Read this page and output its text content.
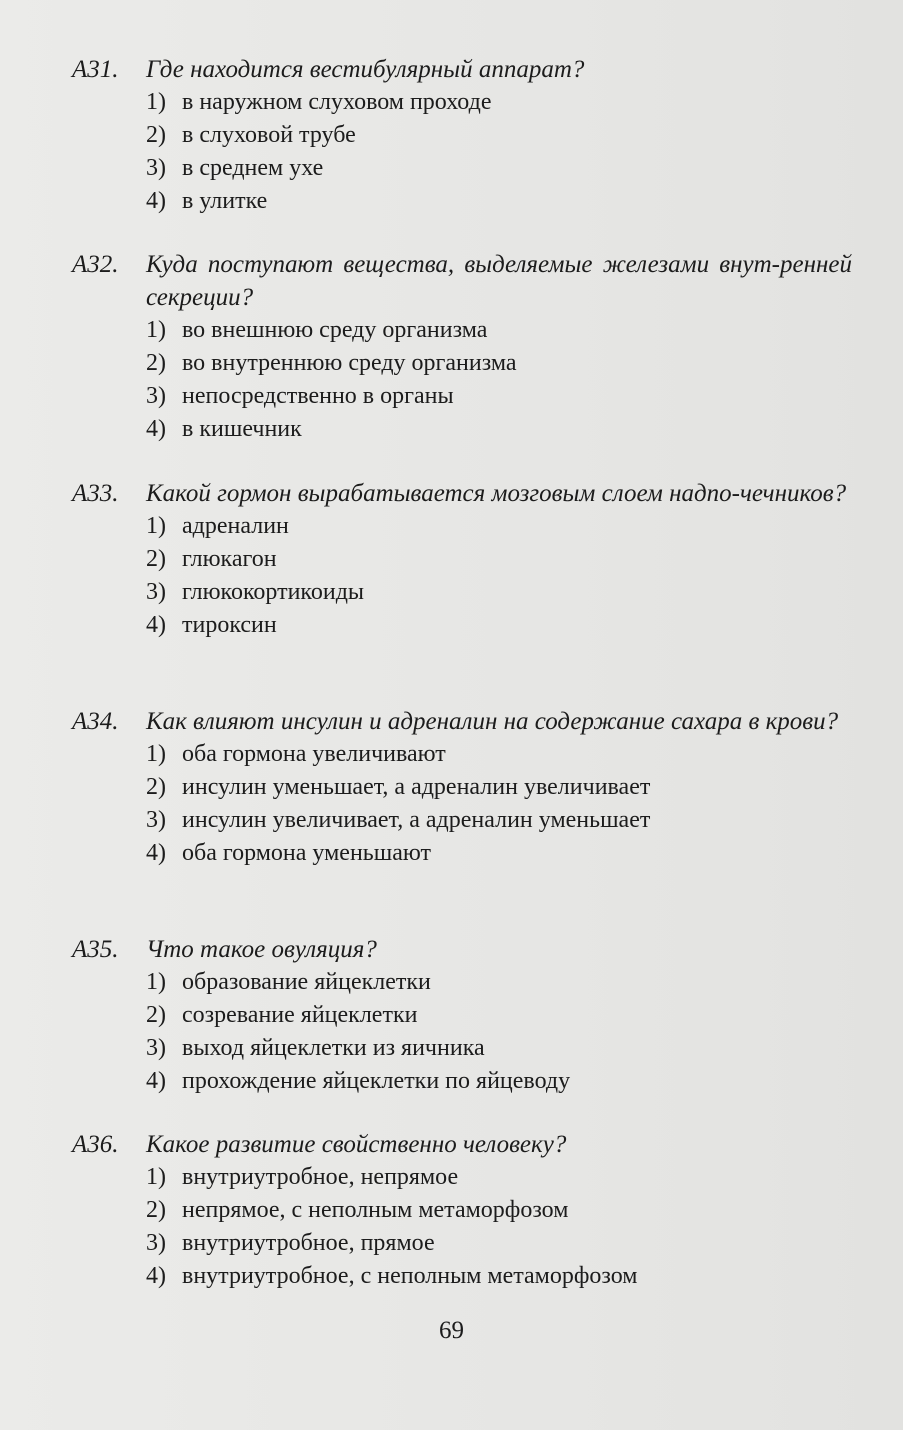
A31.	Где находится вестибулярный аппарат?
1) в наружном слуховом проходе
2) в слуховой трубе
3) в среднем ухе
4) в улитке
A32.	Куда поступают вещества, выделяемые железами внут-ренней секреции?
1) во внешнюю среду организма
2) во внутреннюю среду организма
3) непосредственно в органы
4) в кишечник
A33.	Какой гормон вырабатывается мозговым слоем надпо-чечников?
1) адреналин
2) глюкагон
3) глюкокортикоиды
4) тироксин
A34.	Как влияют инсулин и адреналин на содержание сахара в крови?
1) оба гормона увеличивают
2) инсулин уменьшает, а адреналин увеличивает
3) инсулин увеличивает, а адреналин уменьшает
4) оба гормона уменьшают
A35.	Что такое овуляция?
1) образование яйцеклетки
2) созревание яйцеклетки
3) выход яйцеклетки из яичника
4) прохождение яйцеклетки по яйцеводу
A36.	Какое развитие свойственно человеку?
1) внутриутробное, непрямое
2) непрямое, с неполным метаморфозом
3) внутриутробное, прямое
4) внутриутробное, с неполным метаморфозом
69
